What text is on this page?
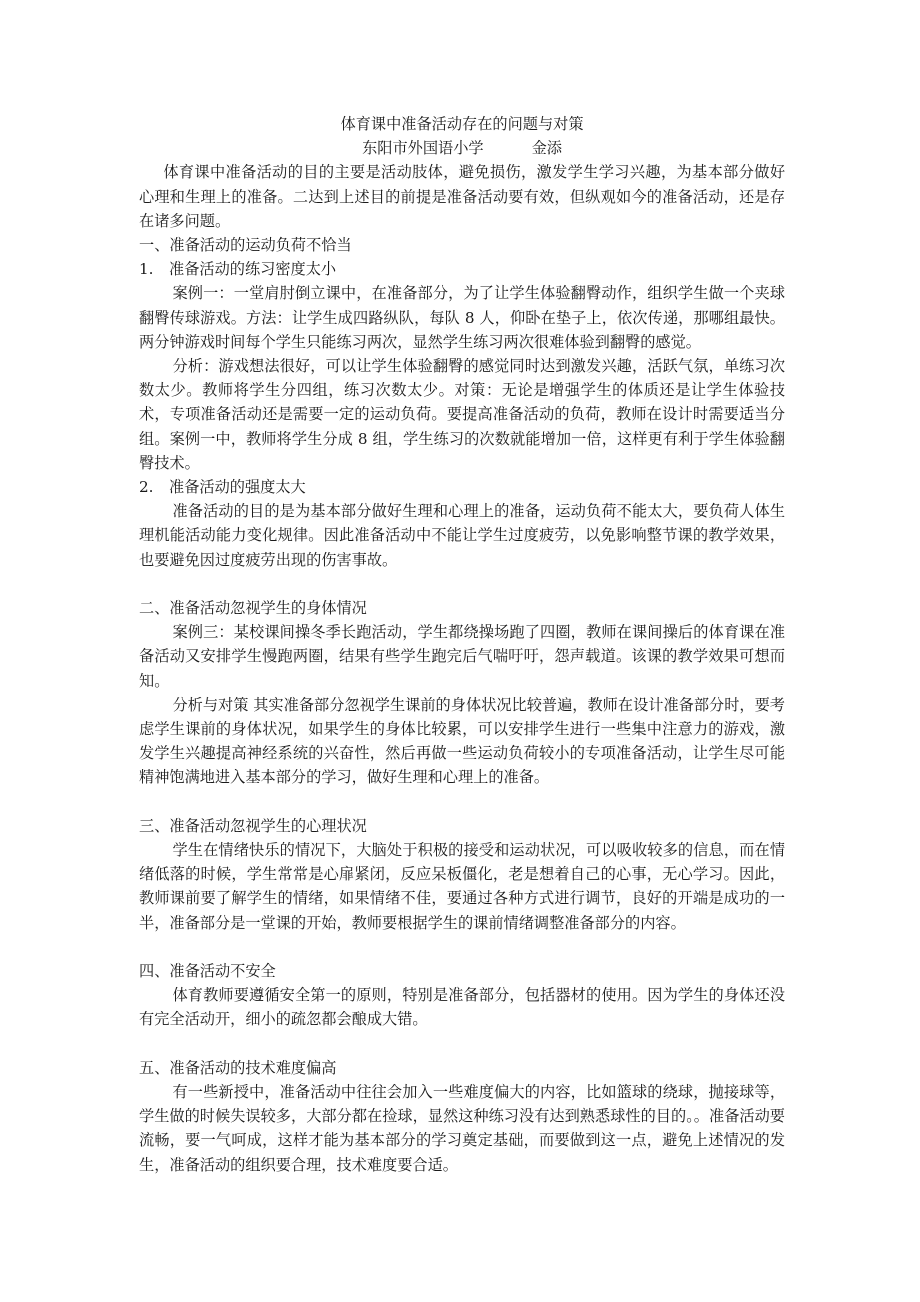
体育课中准备活动存在的问题与对策

东阳市外国语小学	金添

体育课中准备活动的目的主要是活动肢体，避免损伤，激发学生学习兴趣，为基本部分做好心理和生理上的准备。二达到上述目的前提是准备活动要有效，但纵观如今的准备活动，还是存在诸多问题。

一、准备活动的运动负荷不恰当

1.	准备活动的练习密度太小

案例一：一堂肩肘倒立课中，在准备部分，为了让学生体验翻臀动作，组织学生做一个夹球翻臀传球游戏。方法：让学生成四路纵队，每队 8 人，仰卧在垫子上，依次传递，那哪组最快。两分钟游戏时间每个学生只能练习两次，显然学生练习两次很难体验到翻臀的感觉。

分析：游戏想法很好，可以让学生体验翻臀的感觉同时达到激发兴趣，活跃气氛，单练习次数太少。教师将学生分四组，练习次数太少。对策：无论是增强学生的体质还是让学生体验技术，专项准备活动还是需要一定的运动负荷。要提高准备活动的负荷，教师在设计时需要适当分组。案例一中，教师将学生分成 8 组，学生练习的次数就能增加一倍，这样更有利于学生体验翻臀技术。

2.	准备活动的强度太大

准备活动的目的是为基本部分做好生理和心理上的准备，运动负荷不能太大，要负荷人体生理机能活动能力变化规律。因此准备活动中不能让学生过度疲劳，以免影响整节课的教学效果，也要避免因过度疲劳出现的伤害事故。

二、准备活动忽视学生的身体情况

案例三：某校课间操冬季长跑活动，学生都绕操场跑了四圈，教师在课间操后的体育课在准备活动又安排学生慢跑两圈，结果有些学生跑完后气喘吁吁，怨声载道。该课的教学效果可想而知。

分析与对策 其实准备部分忽视学生课前的身体状况比较普遍，教师在设计准备部分时，要考虑学生课前的身体状况，如果学生的身体比较累，可以安排学生进行一些集中注意力的游戏，激发学生兴趣提高神经系统的兴奋性，然后再做一些运动负荷较小的专项准备活动，让学生尽可能精神饱满地进入基本部分的学习，做好生理和心理上的准备。

三、准备活动忽视学生的心理状况

学生在情绪快乐的情况下，大脑处于积极的接受和运动状况，可以吸收较多的信息，而在情绪低落的时候，学生常常是心扉紧闭，反应呆板僵化，老是想着自己的心事，无心学习。因此，教师课前要了解学生的情绪，如果情绪不佳，要通过各种方式进行调节，良好的开端是成功的一半，准备部分是一堂课的开始，教师要根据学生的课前情绪调整准备部分的内容。

四、准备活动不安全

体育教师要遵循安全第一的原则，特别是准备部分，包括器材的使用。因为学生的身体还没有完全活动开，细小的疏忽都会酿成大错。

五、准备活动的技术难度偏高

有一些新授中，准备活动中往往会加入一些难度偏大的内容，比如篮球的绕球，抛接球等，学生做的时候失误较多，大部分都在捡球，显然这种练习没有达到熟悉球性的目的。。准备活动要流畅，要一气呵成，这样才能为基本部分的学习奠定基础，而要做到这一点，避免上述情况的发生，准备活动的组织要合理，技术难度要合适。
